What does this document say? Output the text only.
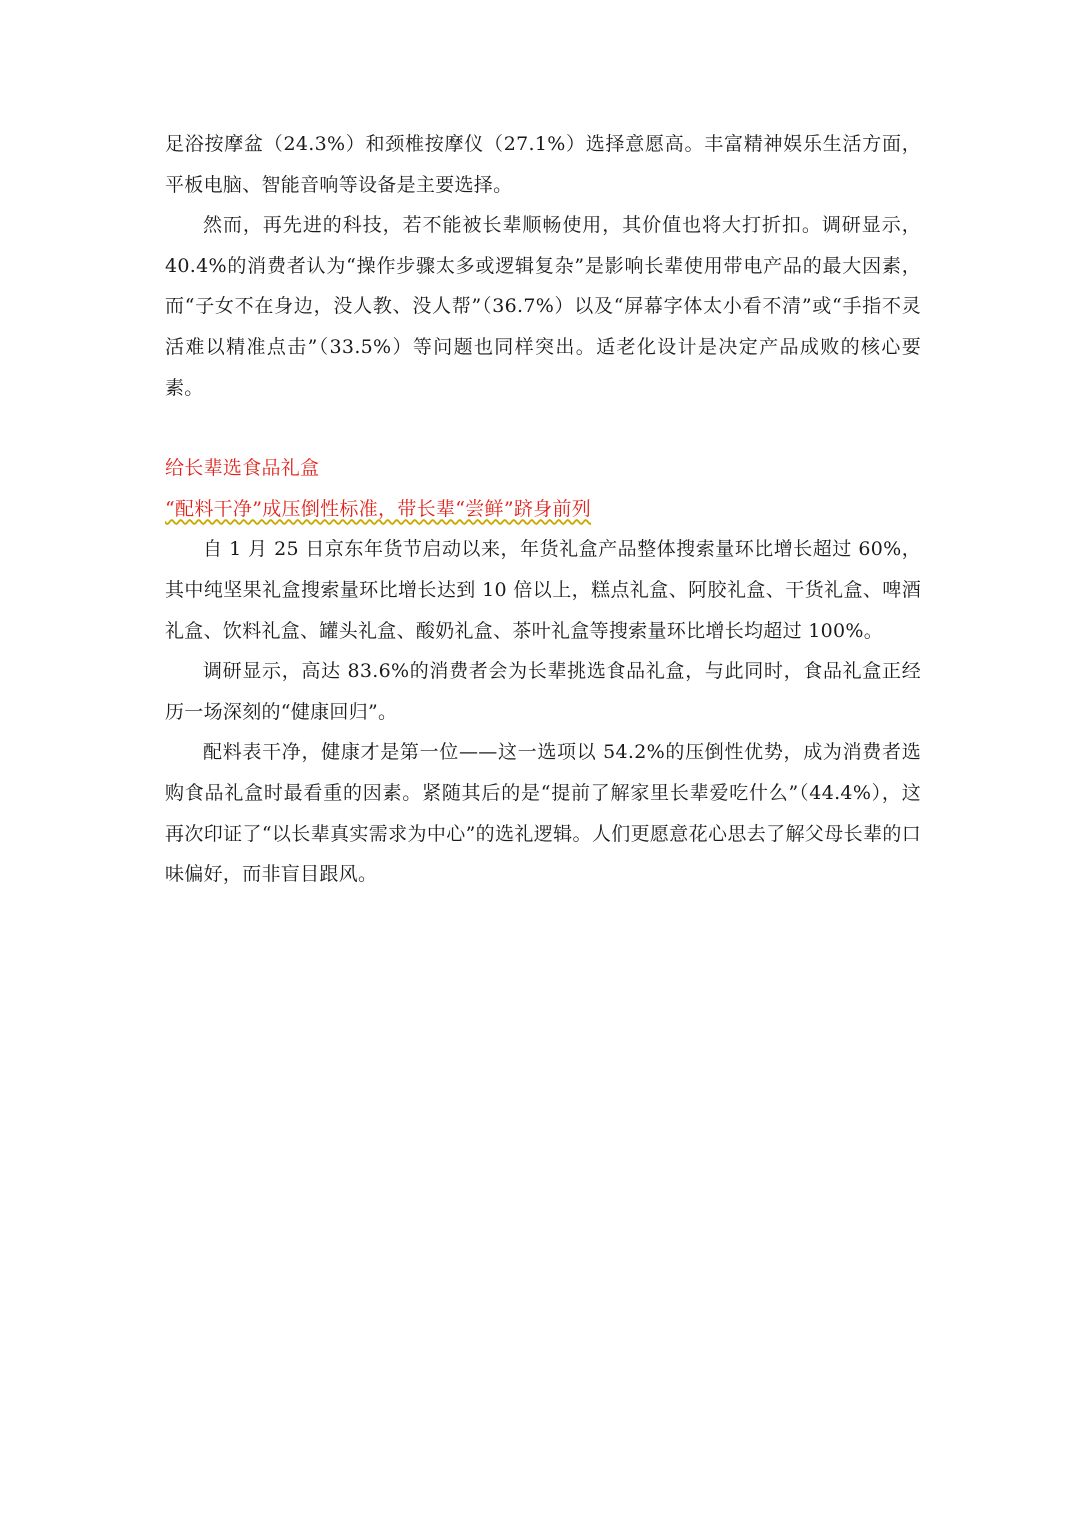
足浴按摩盆（24.3%）和颈椎按摩仪（27.1%）选择意愿高。丰富精神娱乐生活方面，平板电脑、智能音响等设备是主要选择。

然而，再先进的科技，若不能被长辈顺畅使用，其价值也将大打折扣。调研显示，40.4%的消费者认为“操作步骤太多或逻辑复杂”是影响长辈使用带电产品的最大因素，而“子女不在身边，没人教、没人帮”（36.7%）以及“屏幕字体太小看不清”或“手指不灵活难以精准点击”（33.5%）等问题也同样突出。适老化设计是决定产品成败的核心要素。

给长辈选食品礼盒

“配料干净”成压倒性标准，带长辈“尝鲜”跻身前列

自 1 月 25 日京东年货节启动以来，年货礼盒产品整体搜索量环比增长超过 60%，其中纯坚果礼盒搜索量环比增长达到 10 倍以上，糕点礼盒、阿胶礼盒、干货礼盒、啤酒礼盒、饮料礼盒、罐头礼盒、酸奶礼盒、茶叶礼盒等搜索量环比增长均超过 100%。

调研显示，高达 83.6%的消费者会为长辈挑选食品礼盒，与此同时，食品礼盒正经历一场深刻的“健康回归”。

配料表干净，健康才是第一位——这一选项以 54.2%的压倒性优势，成为消费者选购食品礼盒时最看重的因素。紧随其后的是“提前了解家里长辈爱吃什么”（44.4%），这再次印证了“以长辈真实需求为中心”的选礼逻辑。人们更愿意花心思去了解父母长辈的口味偏好，而非盲目跟风。
